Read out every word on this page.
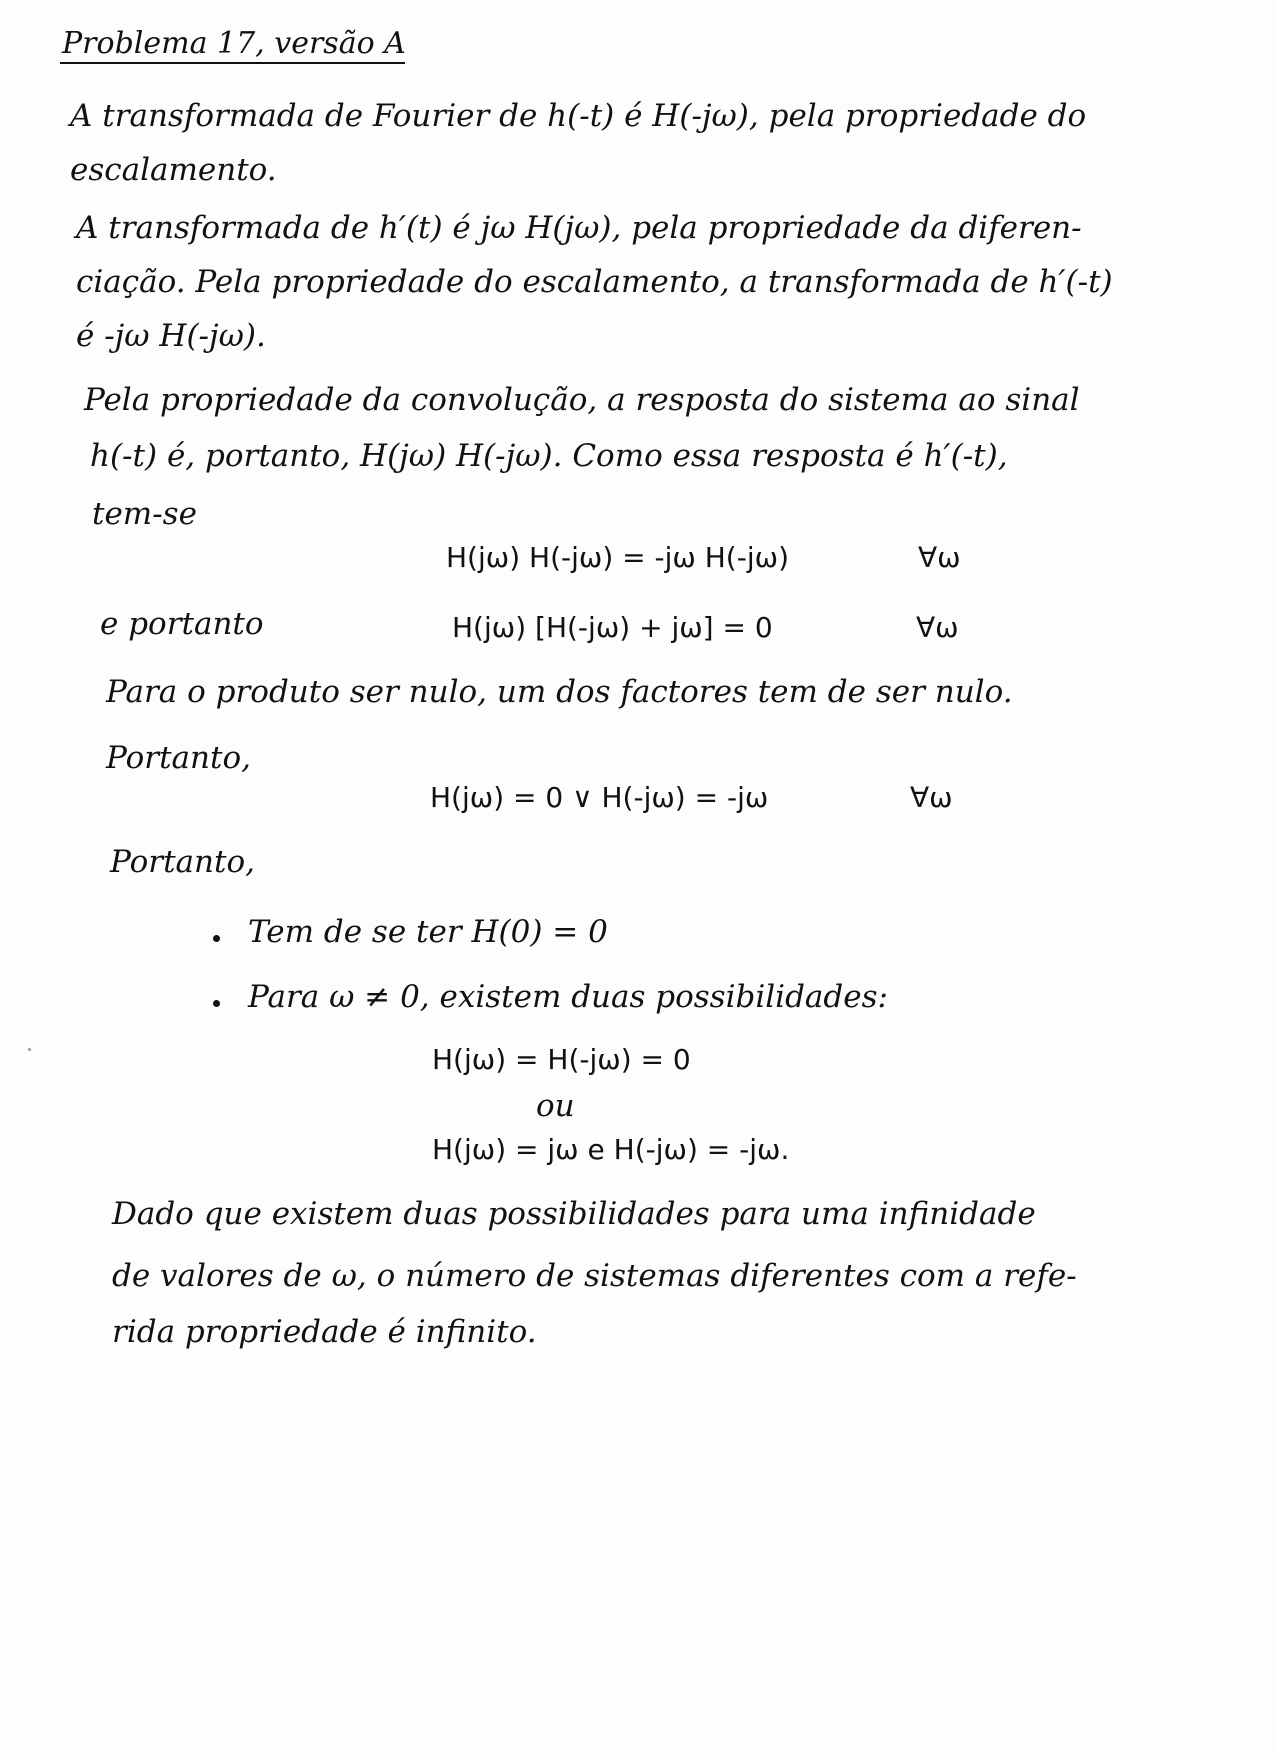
Problema 17, versão A
A transformada de Fourier de h(-t) é H(-jω), pela propriedade do
escalamento.
A transformada de h′(t) é jω H(jω), pela propriedade da diferen-
ciação. Pela propriedade do escalamento, a transformada de h′(-t)
é -jω H(-jω).
Pela propriedade da convolução, a resposta do sistema ao sinal
h(-t) é, portanto, H(jω) H(-jω). Como essa resposta é h′(-t),
tem-se
H(jω) H(-jω) = -jω H(-jω)	∀ω
e portanto	H(jω) [H(-jω) + jω] = 0	∀ω
Para o produto ser nulo, um dos factores tem de ser nulo.
Portanto,
H(jω) = 0 ∨ H(-jω) = -jω	∀ω
Portanto,
Tem de se ter H(0) = 0
Para ω ≠ 0, existem duas possibilidades:
H(jω) = H(-jω) = 0
ou
H(jω) = jω e H(-jω) = -jω.
Dado que existem duas possibilidades para uma infinidade
de valores de ω, o número de sistemas diferentes com a refe-
rida propriedade é infinito.
